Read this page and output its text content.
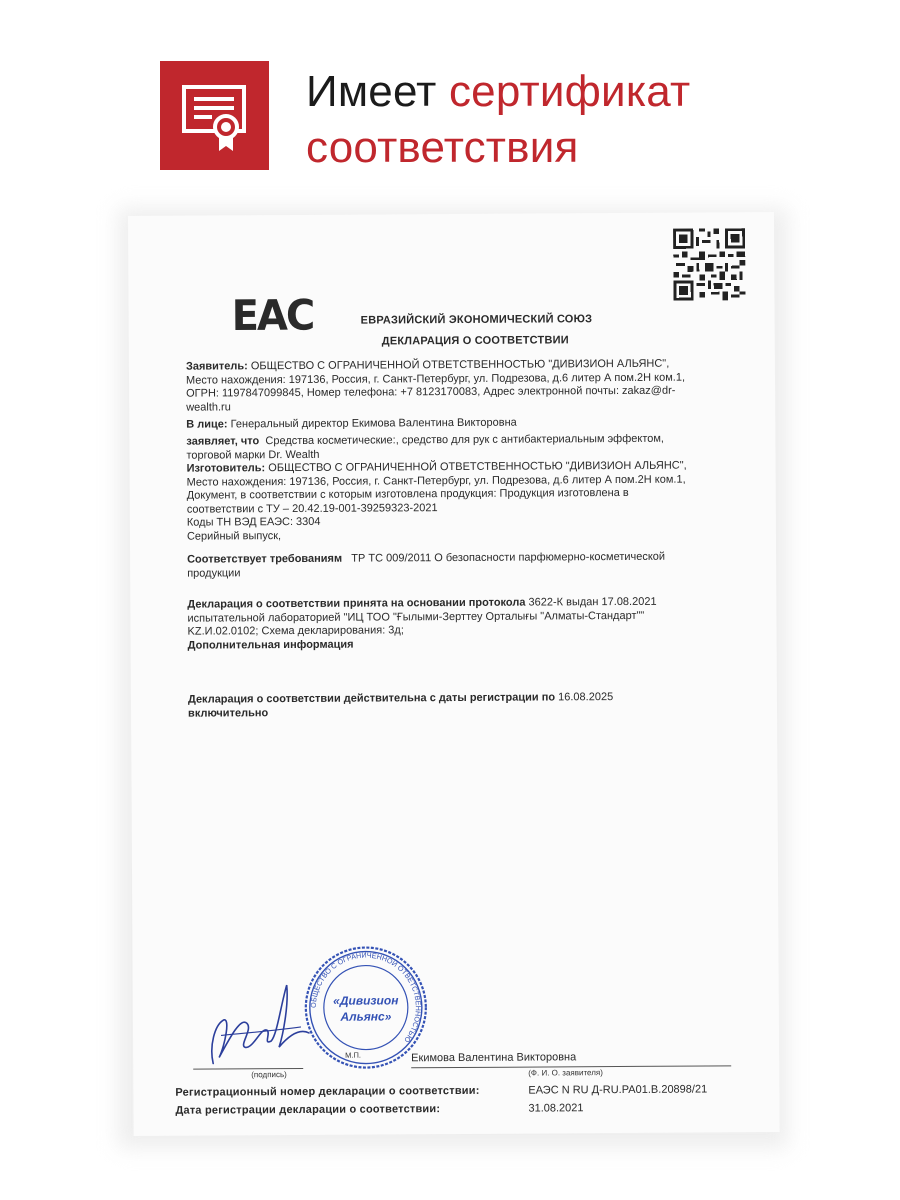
Имеет сертификат
соответствия
ЕАС	ЕВРАЗИЙСКИЙ ЭКОНОМИЧЕСКИЙ СОЮЗ
ДЕКЛАРАЦИЯ О СООТВЕТСТВИИ
Заявитель: ОБЩЕСТВО С ОГРАНИЧЕННОЙ ОТВЕТСТВЕННОСТЬЮ "ДИВИЗИОН АЛЬЯНС",
Место нахождения: 197136, Россия, г. Санкт-Петербург, ул. Подрезова, д.6 литер А пом.2Н ком.1,
ОГРН: 1197847099845, Номер телефона: +7 8123170083, Адрес электронной почты: zakaz@dr-
wealth.ru
В лице: Генеральный директор Екимова Валентина Викторовна
заявляет, что Средства косметические:, средство для рук с антибактериальным эффектом,
торговой марки Dr. Wealth
Изготовитель: ОБЩЕСТВО С ОГРАНИЧЕННОЙ ОТВЕТСТВЕННОСТЬЮ "ДИВИЗИОН АЛЬЯНС",
Место нахождения: 197136, Россия, г. Санкт-Петербург, ул. Подрезова, д.6 литер А пом.2Н ком.1,
Документ, в соответствии с которым изготовлена продукция: Продукция изготовлена в
соответствии с ТУ – 20.42.19-001-39259323-2021
Коды ТН ВЭД ЕАЭС: 3304
Серийный выпуск,
Соответствует требованиям ТР ТС 009/2011 О безопасности парфюмерно-косметической
продукции
Декларация о соответствии принята на основании протокола 3622-К выдан 17.08.2021
испытательной лабораторией "ИЦ ТОО "Ғылыми-Зерттеу Орталығы "Алматы-Стандарт""
KZ.И.02.0102; Схема декларирования: 3д;
Дополнительная информация
Декларация о соответствии действительна с даты регистрации по 16.08.2025
включительно
ОБЩЕСТВО С ОГРАНИЧЕННОЙ ОТВЕТСТВЕННОСТЬЮ
«Дивизион
Альянс»
М.П.
(подпись)
Екимова Валентина Викторовна
(Ф. И. О. заявителя)
Регистрационный номер декларации о соответствии:	ЕАЭС N RU Д-RU.РА01.В.20898/21
Дата регистрации декларации о соответствии:	31.08.2021
